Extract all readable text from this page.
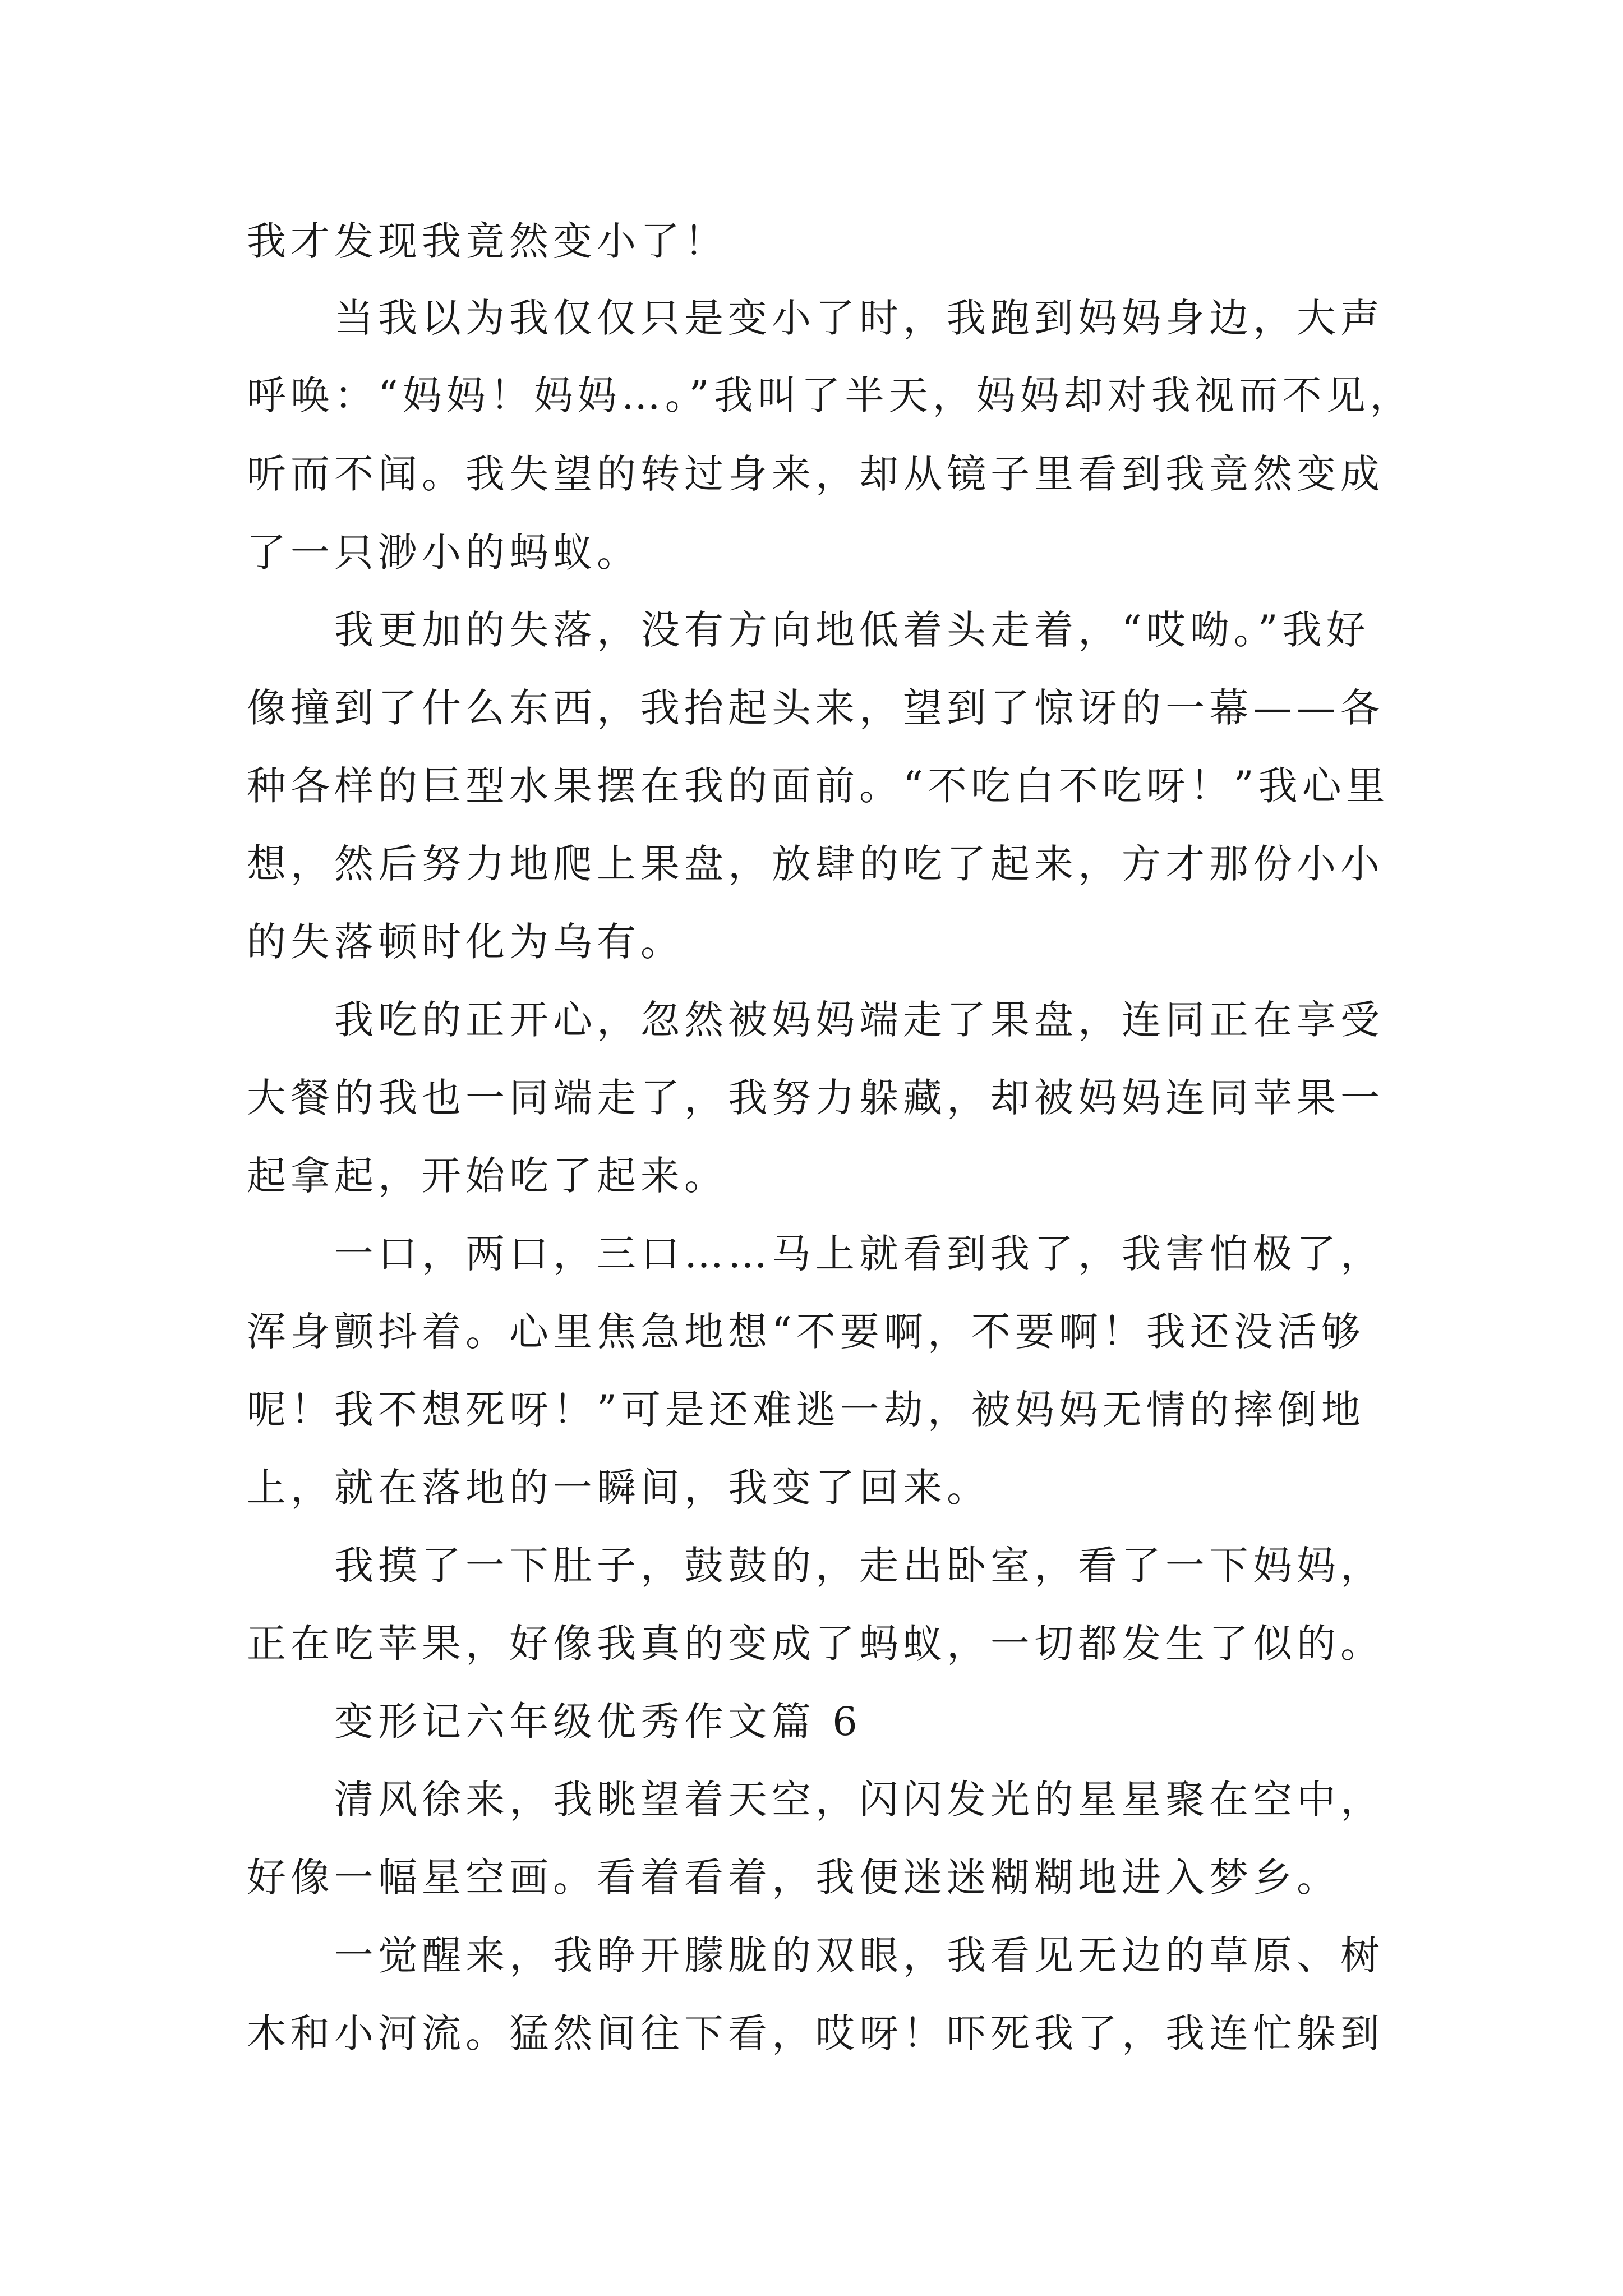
我才发现我竟然变小了！
当我以为我仅仅只是变小了时，我跑到妈妈身边，大声
呼唤：“妈妈！妈妈…。”我叫了半天，妈妈却对我视而不见，
听而不闻。我失望的转过身来，却从镜子里看到我竟然变成
了一只渺小的蚂蚁。
我更加的失落，没有方向地低着头走着，“哎呦。”我好
像撞到了什么东西，我抬起头来，望到了惊讶的一幕——各
种各样的巨型水果摆在我的面前。“不吃白不吃呀！”我心里
想，然后努力地爬上果盘，放肆的吃了起来，方才那份小小
的失落顿时化为乌有。
我吃的正开心，忽然被妈妈端走了果盘，连同正在享受
大餐的我也一同端走了，我努力躲藏，却被妈妈连同苹果一
起拿起，开始吃了起来。
一口，两口，三口……马上就看到我了，我害怕极了，
浑身颤抖着。心里焦急地想“不要啊，不要啊！我还没活够
呢！我不想死呀！”可是还难逃一劫，被妈妈无情的摔倒地
上，就在落地的一瞬间，我变了回来。
我摸了一下肚子，鼓鼓的，走出卧室，看了一下妈妈，
正在吃苹果，好像我真的变成了蚂蚁，一切都发生了似的。
变形记六年级优秀作文篇 6
清风徐来，我眺望着天空，闪闪发光的星星聚在空中，
好像一幅星空画。看着看着，我便迷迷糊糊地进入梦乡。
一觉醒来，我睁开朦胧的双眼，我看见无边的草原、树
木和小河流。猛然间往下看，哎呀！吓死我了，我连忙躲到
